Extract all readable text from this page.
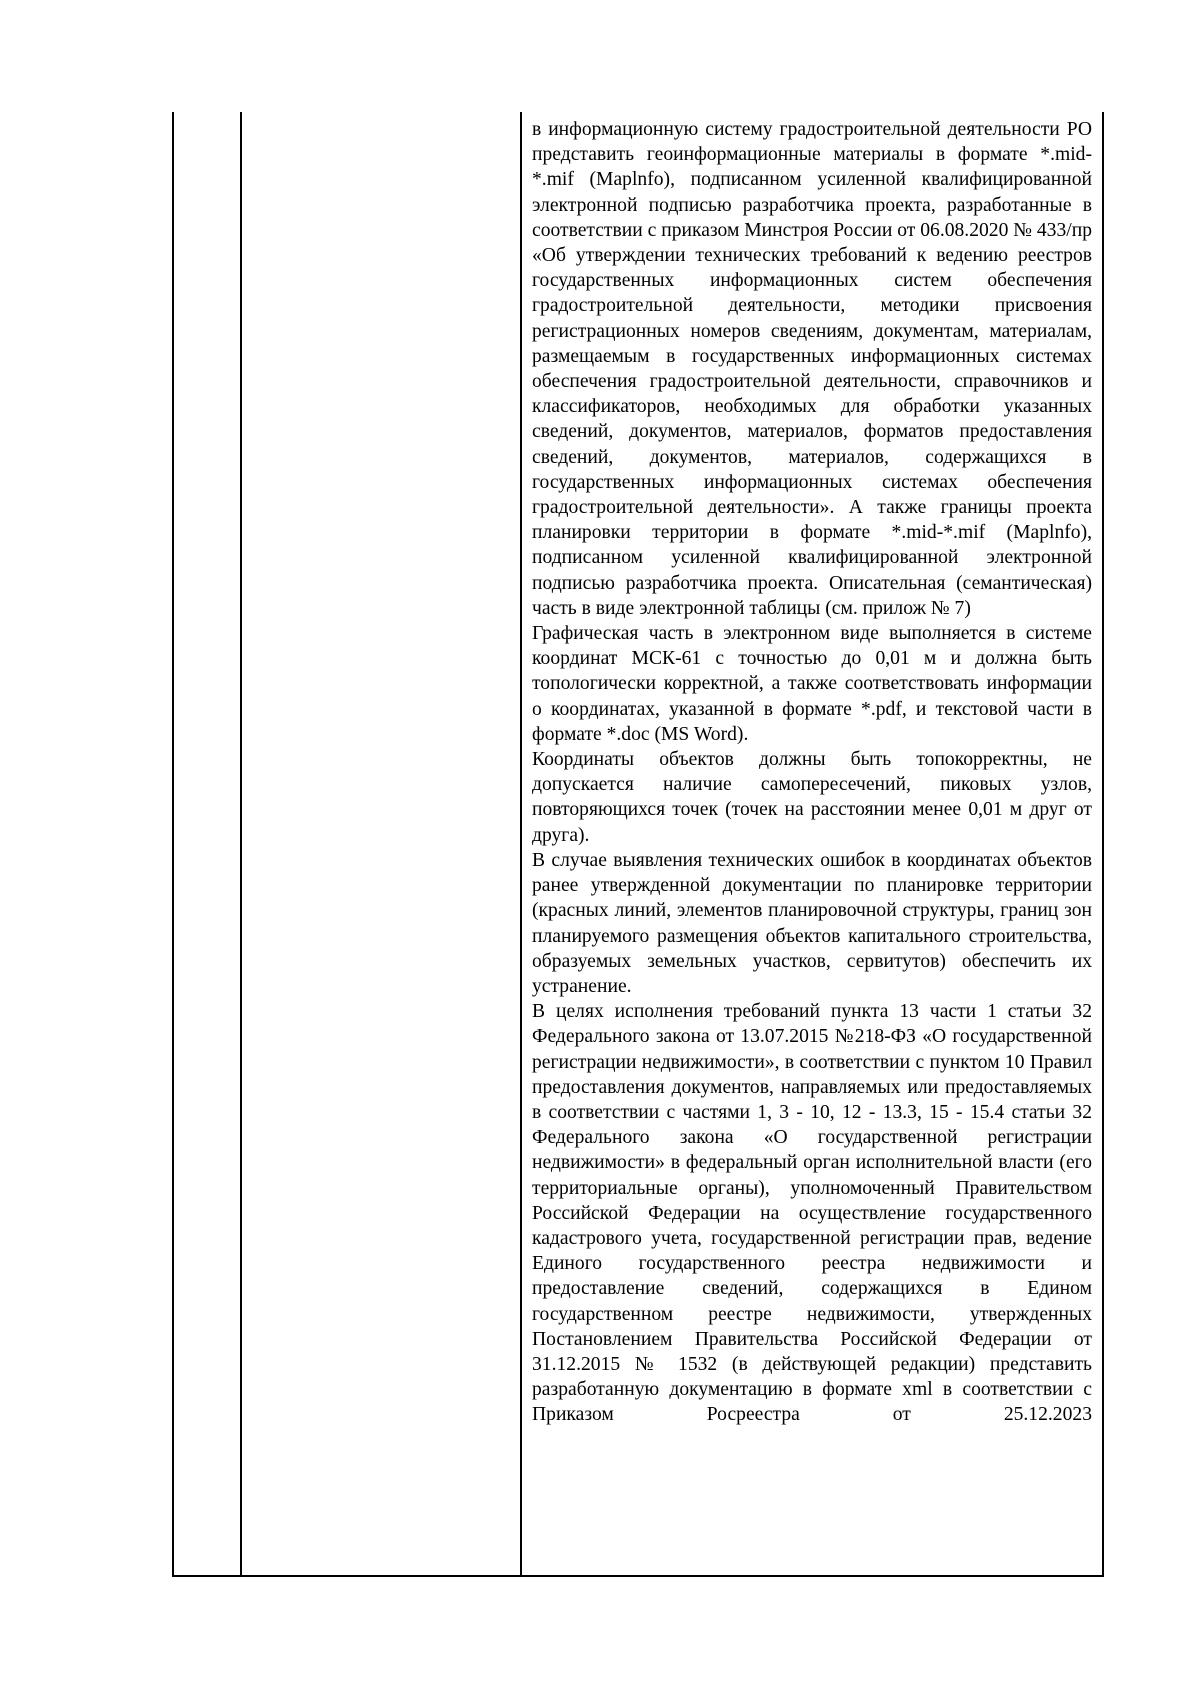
в информационную систему градостроительной деятельности РО представить геоинформационные материалы в формате *.mid-*.mif (Maplnfo), подписанном усиленной квалифицированной электронной подписью разработчика проекта, разработанные в соответствии с приказом Минстроя России от 06.08.2020 № 433/пр «Об утверждении технических требований к ведению реестров государственных информационных систем обеспечения градостроительной деятельности, методики присвоения регистрационных номеров сведениям, документам, материалам, размещаемым в государственных информационных системах обеспечения градостроительной деятельности, справочников и классификаторов, необходимых для обработки указанных сведений, документов, материалов, форматов предоставления сведений, документов, материалов, содержащихся в государственных информационных системах обеспечения градостроительной деятельности». А также границы проекта планировки территории в формате *.mid-*.mif (Maplnfo), подписанном усиленной квалифицированной электронной подписью разработчика проекта. Описательная (семантическая) часть в виде электронной таблицы (см. прилож № 7)

Графическая часть в электронном виде выполняется в системе координат МСК-61 с точностью до 0,01 м и должна быть топологически корректной, а также соответствовать информации о координатах, указанной в формате *.pdf, и текстовой части в формате *.doc (MS Word).

Координаты объектов должны быть топокорректны, не допускается наличие самопересечений, пиковых узлов, повторяющихся точек (точек на расстоянии менее 0,01 м друг от друга).

В случае выявления технических ошибок в координатах объектов ранее утвержденной документации по планировке территории (красных линий, элементов планировочной структуры, границ зон планируемого размещения объектов капитального строительства, образуемых земельных участков, сервитутов) обеспечить их устранение.

В целях исполнения требований пункта 13 части 1 статьи 32 Федерального закона от 13.07.2015 №218-ФЗ «О государственной регистрации недвижимости», в соответствии с пунктом 10 Правил предоставления документов, направляемых или предоставляемых в соответствии с частями 1, 3 - 10, 12 - 13.3, 15 - 15.4 статьи 32 Федерального закона «О государственной регистрации недвижимости» в федеральный орган исполнительной власти (его территориальные органы), уполномоченный Правительством Российской Федерации на осуществление государственного кадастрового учета, государственной регистрации прав, ведение Единого государственного реестра недвижимости и предоставление сведений, содержащихся в Едином государственном реестре недвижимости, утвержденных Постановлением Правительства Российской Федерации от 31.12.2015 № 1532 (в действующей редакции) представить разработанную документацию в формате xml в соответствии с Приказом Росреестра от 25.12.2023
